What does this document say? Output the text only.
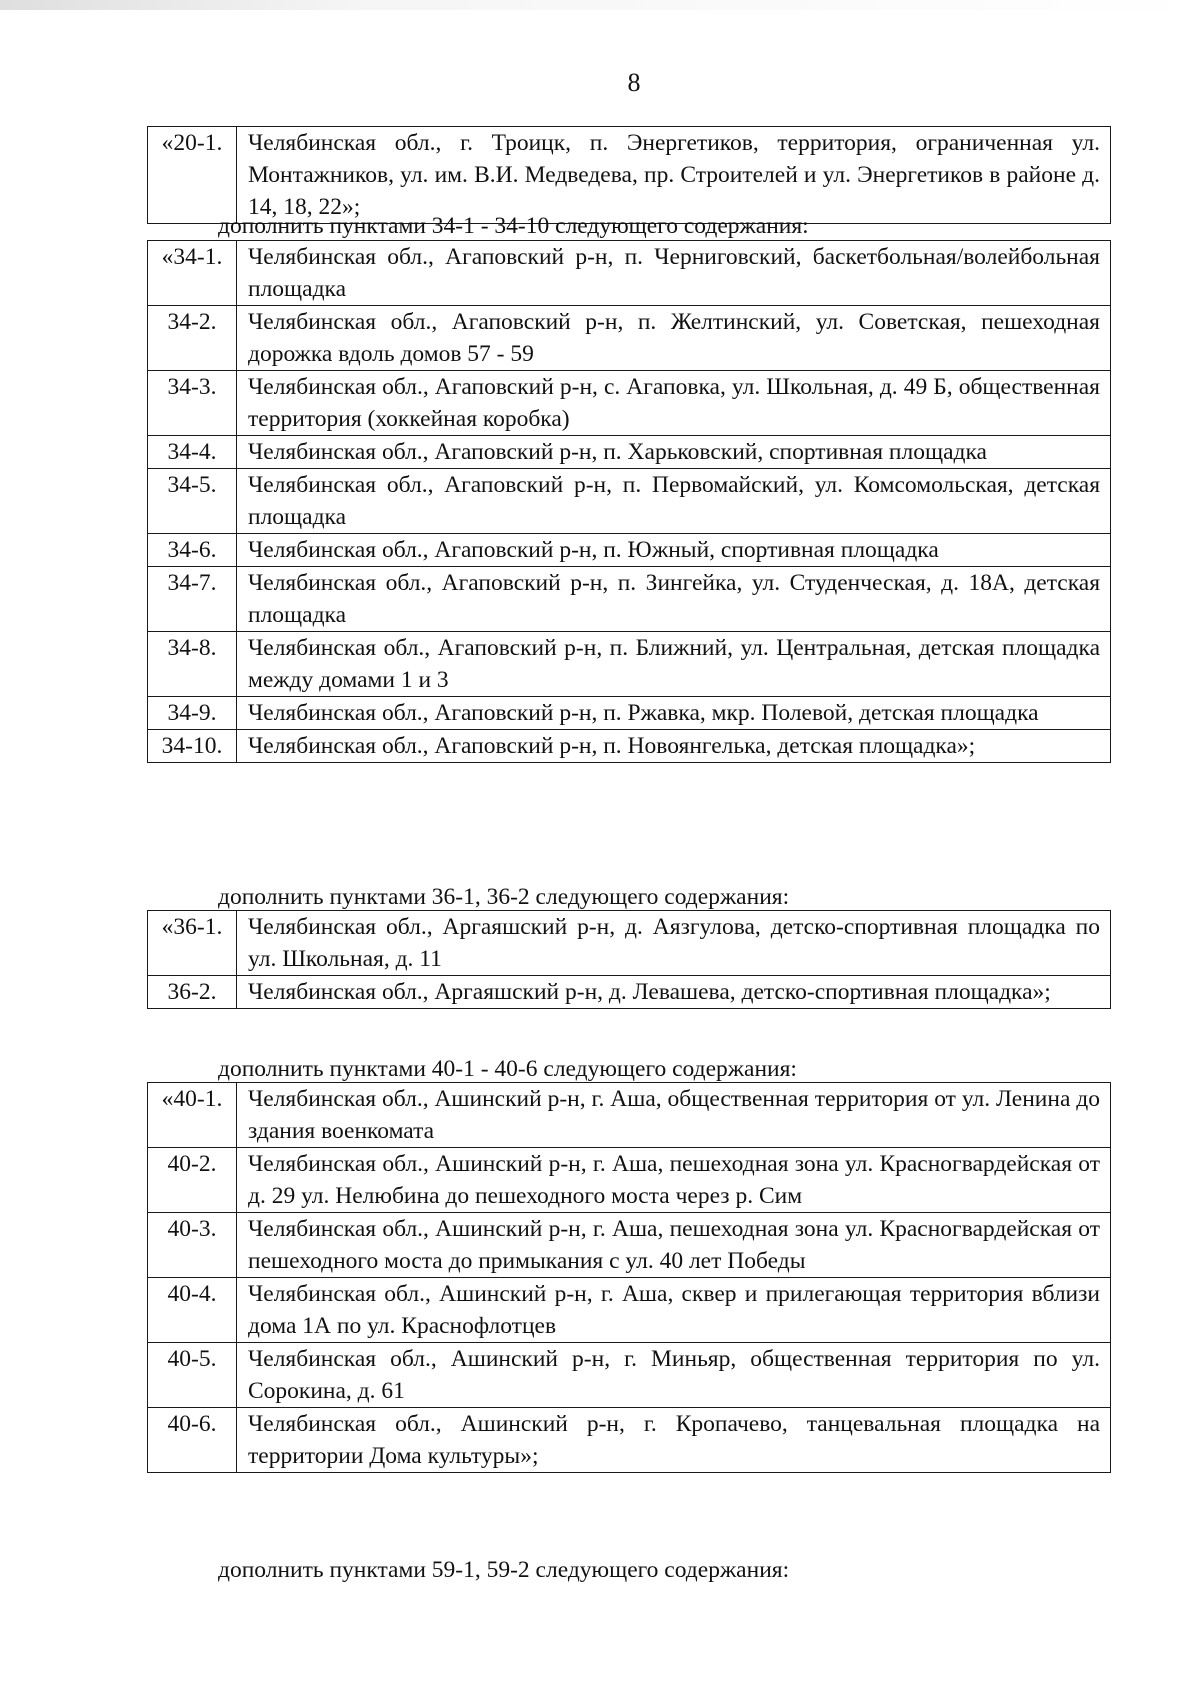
8
«20-1.	Челябинская обл., г. Троицк, п. Энергетиков, территория, ограниченная ул. Монтажников, ул. им. В.И. Медведева, пр. Строителей и ул. Энергетиков в районе д. 14, 18, 22»;
дополнить пунктами 34-1 - 34-10 следующего содержания:
«34-1.	Челябинская обл., Агаповский р-н, п. Черниговский, баскетбольная/волейбольная площадка
34-2.	Челябинская обл., Агаповский р-н, п. Желтинский, ул. Советская, пешеходная дорожка вдоль домов 57 - 59
34-3.	Челябинская обл., Агаповский р-н, с. Агаповка, ул. Школьная, д. 49 Б, общественная территория (хоккейная коробка)
34-4.	Челябинская обл., Агаповский р-н, п. Харьковский, спортивная площадка
34-5.	Челябинская обл., Агаповский р-н, п. Первомайский, ул. Комсомольская, детская площадка
34-6.	Челябинская обл., Агаповский р-н, п. Южный, спортивная площадка
34-7.	Челябинская обл., Агаповский р-н, п. Зингейка, ул. Студенческая, д. 18А, детская площадка
34-8.	Челябинская обл., Агаповский р-н, п. Ближний, ул. Центральная, детская площадка между домами 1 и 3
34-9.	Челябинская обл., Агаповский р-н, п. Ржавка, мкр. Полевой, детская площадка
34-10.	Челябинская обл., Агаповский р-н, п. Новоянгелька, детская площадка»;
дополнить пунктами 36-1, 36-2 следующего содержания:
«36-1.	Челябинская обл., Аргаяшский р-н, д. Аязгулова, детско-спортивная площадка по ул. Школьная, д. 11
36-2.	Челябинская обл., Аргаяшский р-н, д. Левашева, детско-спортивная площадка»;
дополнить пунктами 40-1 - 40-6 следующего содержания:
«40-1.	Челябинская обл., Ашинский р-н, г. Аша, общественная территория от ул. Ленина до здания военкомата
40-2.	Челябинская обл., Ашинский р-н, г. Аша, пешеходная зона ул. Красногвардейская от д. 29 ул. Нелюбина до пешеходного моста через р. Сим
40-3.	Челябинская обл., Ашинский р-н, г. Аша, пешеходная зона ул. Красногвардейская от пешеходного моста до примыкания с ул. 40 лет Победы
40-4.	Челябинская обл., Ашинский р-н, г. Аша, сквер и прилегающая территория вблизи дома 1А по ул. Краснофлотцев
40-5.	Челябинская обл., Ашинский р-н, г. Миньяр, общественная территория по ул. Сорокина, д. 61
40-6.	Челябинская обл., Ашинский р-н, г. Кропачево, танцевальная площадка на территории Дома культуры»;
дополнить пунктами 59-1, 59-2 следующего содержания:
